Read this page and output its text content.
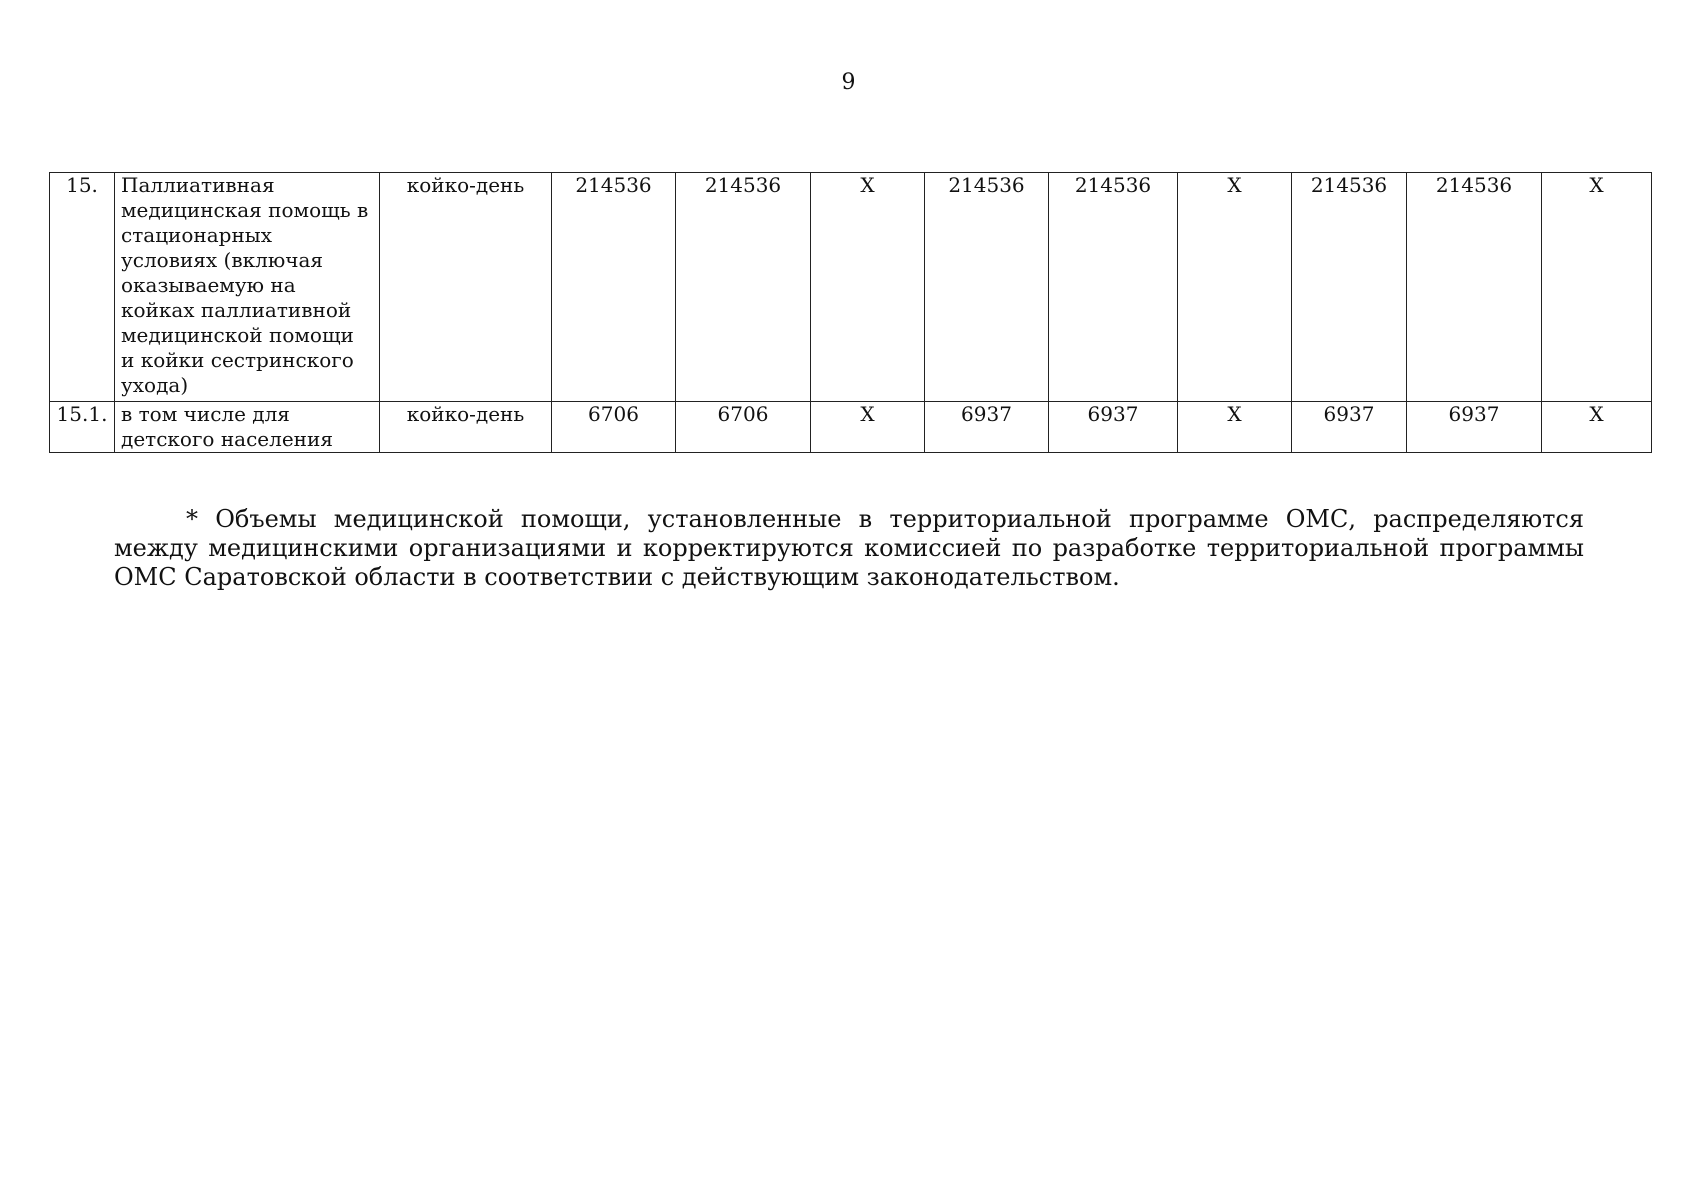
9
15.	Паллиативная медицинская помощь в стационарных условиях (включая оказываемую на койках паллиативной медицинской помощи и койки сестринского ухода)	койко-день	214536	214536	X	214536	214536	X	214536	214536	X
15.1.	в том числе для детского населения	койко-день	6706	6706	X	6937	6937	X	6937	6937	X

* Объемы медицинской помощи, установленные в территориальной программе ОМС, распределяются между медицинскими организациями и корректируются комиссией по разработке территориальной программы ОМС Саратовской области в соответствии с действующим законодательством.
